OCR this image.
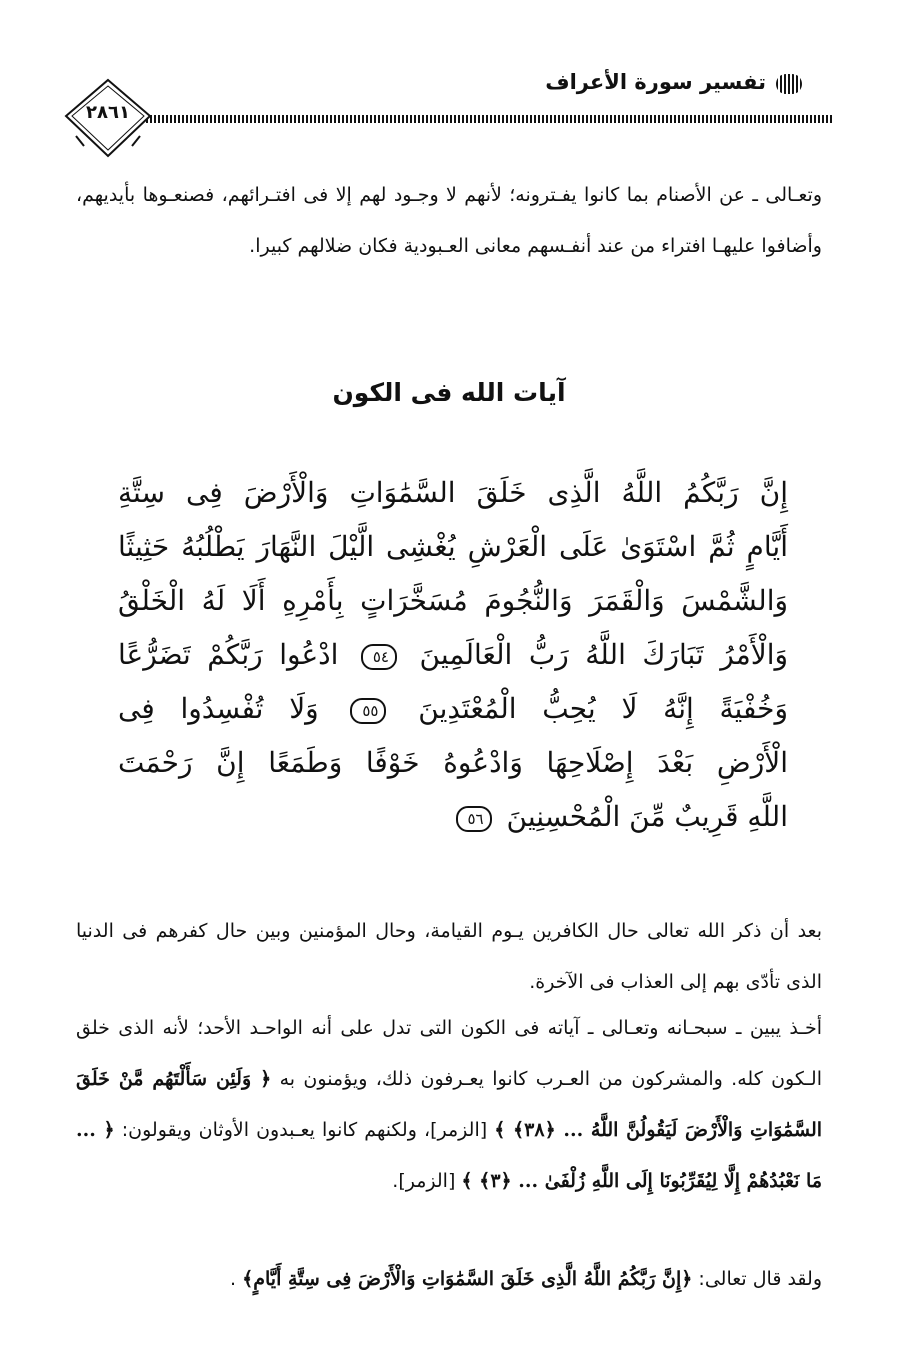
تفسير سورة الأعراف
٢٨٦١

وتعـالى ـ عن الأصنام بما كانوا يفـترونه؛ لأنهم لا وجـود لهم إلا فى افتـرائهم، فصنعـوها بأيديهم، وأضافوا عليهـا افتراء من عند أنفـسهم معانى العـبودية فكان ضلالهم كبيرا.

آيات الله فى الكون
إِنَّ رَبَّكُمُ اللَّهُ الَّذِى خَلَقَ السَّمَٰوَاتِ وَالْأَرْضَ فِى سِتَّةِ
أَيَّامٍ ثُمَّ اسْتَوَىٰ عَلَى الْعَرْشِ يُغْشِى الَّيْلَ النَّهَارَ يَطْلُبُهُ حَثِيثًا
وَالشَّمْسَ وَالْقَمَرَ وَالنُّجُومَ مُسَخَّرَاتٍ بِأَمْرِهِ أَلَا لَهُ الْخَلْقُ
وَالْأَمْرُ تَبَارَكَ اللَّهُ رَبُّ الْعَالَمِينَ ٥٤ ادْعُوا رَبَّكُمْ تَضَرُّعًا
وَخُفْيَةً إِنَّهُ لَا يُحِبُّ الْمُعْتَدِينَ ٥٥ وَلَا تُفْسِدُوا فِى
الْأَرْضِ بَعْدَ إِصْلَاحِهَا وَادْعُوهُ خَوْفًا وَطَمَعًا إِنَّ رَحْمَتَ
اللَّهِ قَرِيبٌ مِّنَ الْمُحْسِنِينَ ٥٦

بعد أن ذكر الله تعالى حال الكافرين يـوم القيامة، وحال المؤمنين وبين حال كفرهم فى الدنيا الذى تأدّى بهم إلى العذاب فى الآخرة.

أخـذ يبين ـ سبحـانه وتعـالى ـ آياته فى الكون التى تدل على أنه الواحـد الأحد؛ لأنه الذى خلق الـكون كله. والمشركون من العـرب كانوا يعـرفون ذلك، ويؤمنون به ﴿ وَلَئِن سَأَلْتَهُم مَّنْ خَلَقَ السَّمَٰوَاتِ وَالْأَرْضَ لَيَقُولُنَّ اللَّهُ ... ﴿٣٨﴾ ﴾ [الزمر]، ولكنهم كانوا يعـبدون الأوثان ويقولون: ﴿ ... مَا نَعْبُدُهُمْ إِلَّا لِيُقَرِّبُونَا إِلَى اللَّهِ زُلْفَىٰ ... ﴿٣﴾ ﴾ [الزمر].

ولقد قال تعالى: ﴿إِنَّ رَبَّكُمُ اللَّهُ الَّذِى خَلَقَ السَّمَٰوَاتِ وَالْأَرْضَ فِى سِتَّةِ أَيَّامٍ﴾ .
